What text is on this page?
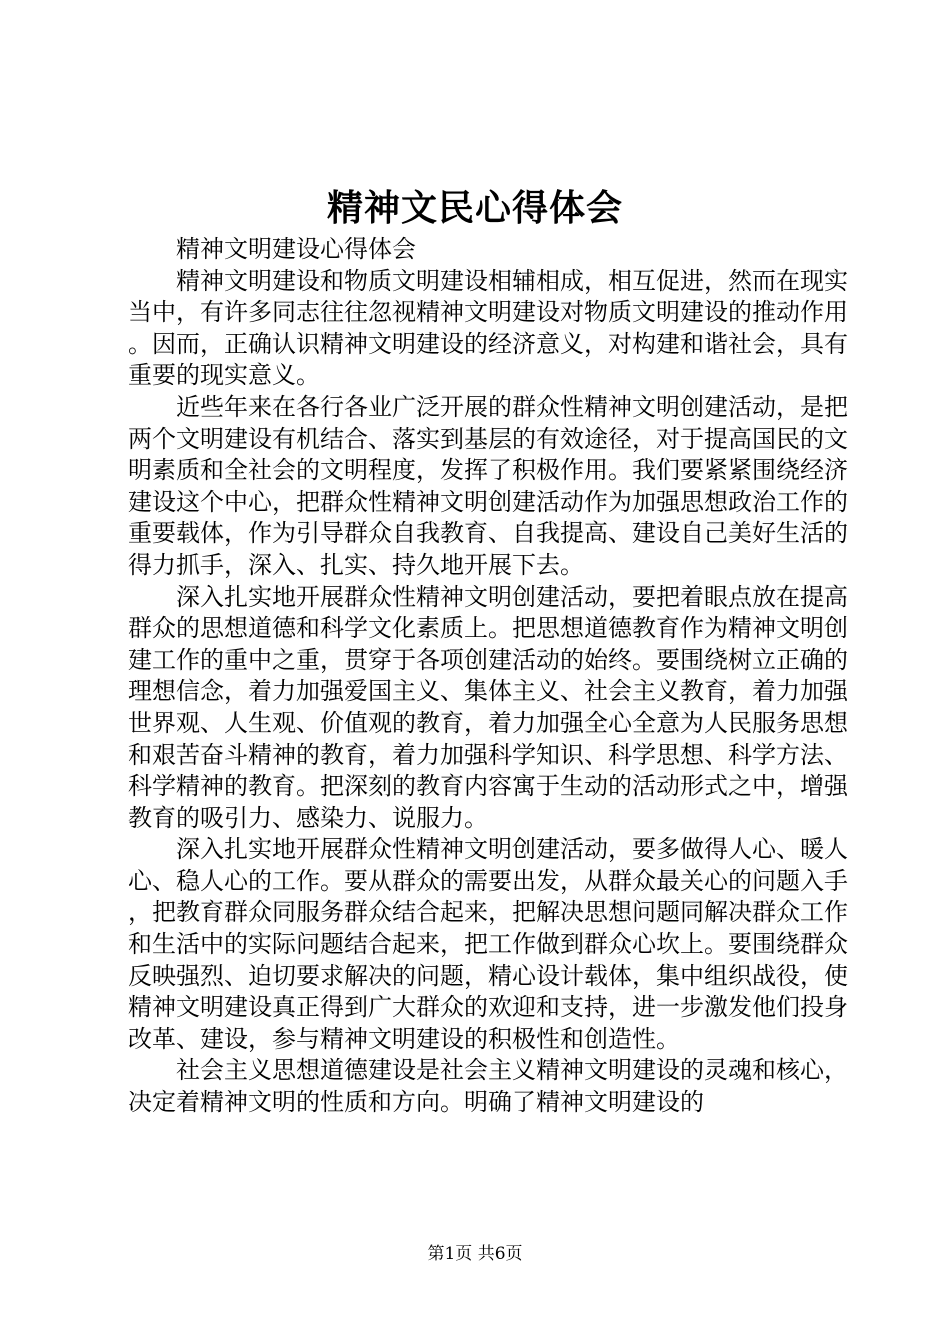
精神文民心得体会

精神文明建设心得体会

精神文明建设和物质文明建设相辅相成，相互促进，然而在现实当中，有许多同志往往忽视精神文明建设对物质文明建设的推动作用。因而，正确认识精神文明建设的经济意义，对构建和谐社会，具有重要的现实意义。

近些年来在各行各业广泛开展的群众性精神文明创建活动，是把两个文明建设有机结合、落实到基层的有效途径，对于提高国民的文明素质和全社会的文明程度，发挥了积极作用。我们要紧紧围绕经济建设这个中心，把群众性精神文明创建活动作为加强思想政治工作的重要载体，作为引导群众自我教育、自我提高、建设自己美好生活的得力抓手，深入、扎实、持久地开展下去。

深入扎实地开展群众性精神文明创建活动，要把着眼点放在提高群众的思想道德和科学文化素质上。把思想道德教育作为精神文明创建工作的重中之重，贯穿于各项创建活动的始终。要围绕树立正确的理想信念，着力加强爱国主义、集体主义、社会主义教育，着力加强世界观、人生观、价值观的教育，着力加强全心全意为人民服务思想和艰苦奋斗精神的教育，着力加强科学知识、科学思想、科学方法、科学精神的教育。把深刻的教育内容寓于生动的活动形式之中，增强教育的吸引力、感染力、说服力。

深入扎实地开展群众性精神文明创建活动，要多做得人心、暖人心、稳人心的工作。要从群众的需要出发，从群众最关心的问题入手，把教育群众同服务群众结合起来，把解决思想问题同解决群众工作和生活中的实际问题结合起来，把工作做到群众心坎上。要围绕群众反映强烈、迫切要求解决的问题，精心设计载体，集中组织战役，使精神文明建设真正得到广大群众的欢迎和支持，进一步激发他们投身改革、建设，参与精神文明建设的积极性和创造性。

社会主义思想道德建设是社会主义精神文明建设的灵魂和核心，决定着精神文明的性质和方向。明确了精神文明建设的

第1页 共6页
